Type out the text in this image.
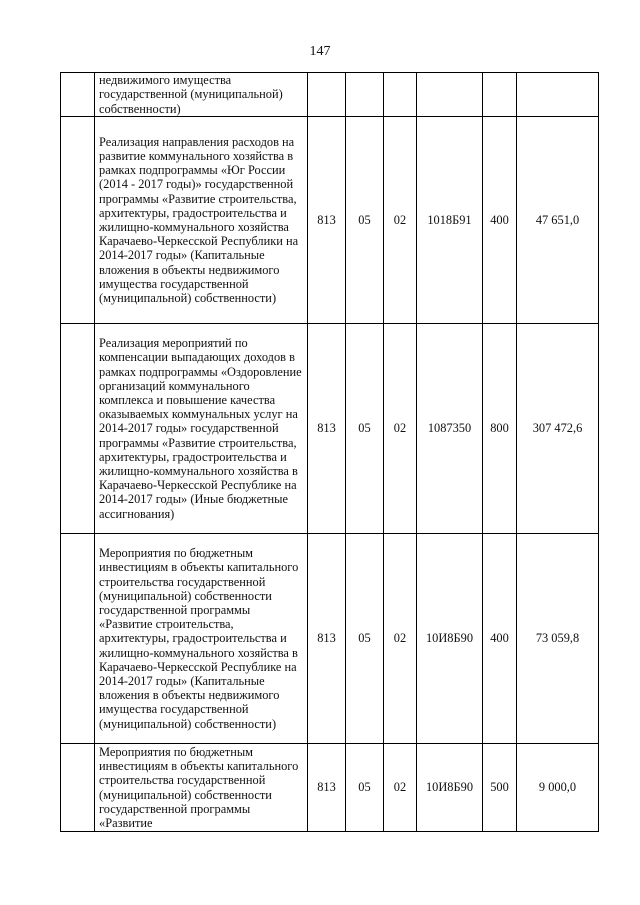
147
	недвижимого имущества государственной (муниципальной) собственности)						
	Реализация направления расходов на развитие коммунального хозяйства в рамках подпрограммы «Юг России (2014 - 2017 годы)» государственной программы «Развитие строительства, архитектуры, градостроительства и жилищно-коммунального хозяйства Карачаево-Черкесской Республики на 2014-2017 годы» (Капитальные вложения в объекты недвижимого имущества государственной (муниципальной) собственности)	813	05	02	1018Б91	400	47 651,0
	Реализация мероприятий по компенсации выпадающих доходов в рамках подпрограммы «Оздоровление организаций коммунального комплекса и повышение качества оказываемых коммунальных услуг на 2014-2017 годы» государственной программы «Развитие строительства, архитектуры, градостроительства и жилищно-коммунального хозяйства в Карачаево-Черкесской Республике на 2014-2017 годы» (Иные бюджетные ассигнования)	813	05	02	1087350	800	307 472,6
	Мероприятия по бюджетным инвестициям в объекты капитального строительства государственной (муниципальной) собственности государственной программы «Развитие строительства, архитектуры, градостроительства и жилищно-коммунального хозяйства в Карачаево-Черкесской Республике на 2014-2017 годы» (Капитальные вложения в объекты недвижимого имущества государственной (муниципальной) собственности)	813	05	02	10И8Б90	400	73 059,8
	Мероприятия по бюджетным инвестициям в объекты капитального строительства государственной (муниципальной) собственности государственной программы «Развитие	813	05	02	10И8Б90	500	9 000,0
